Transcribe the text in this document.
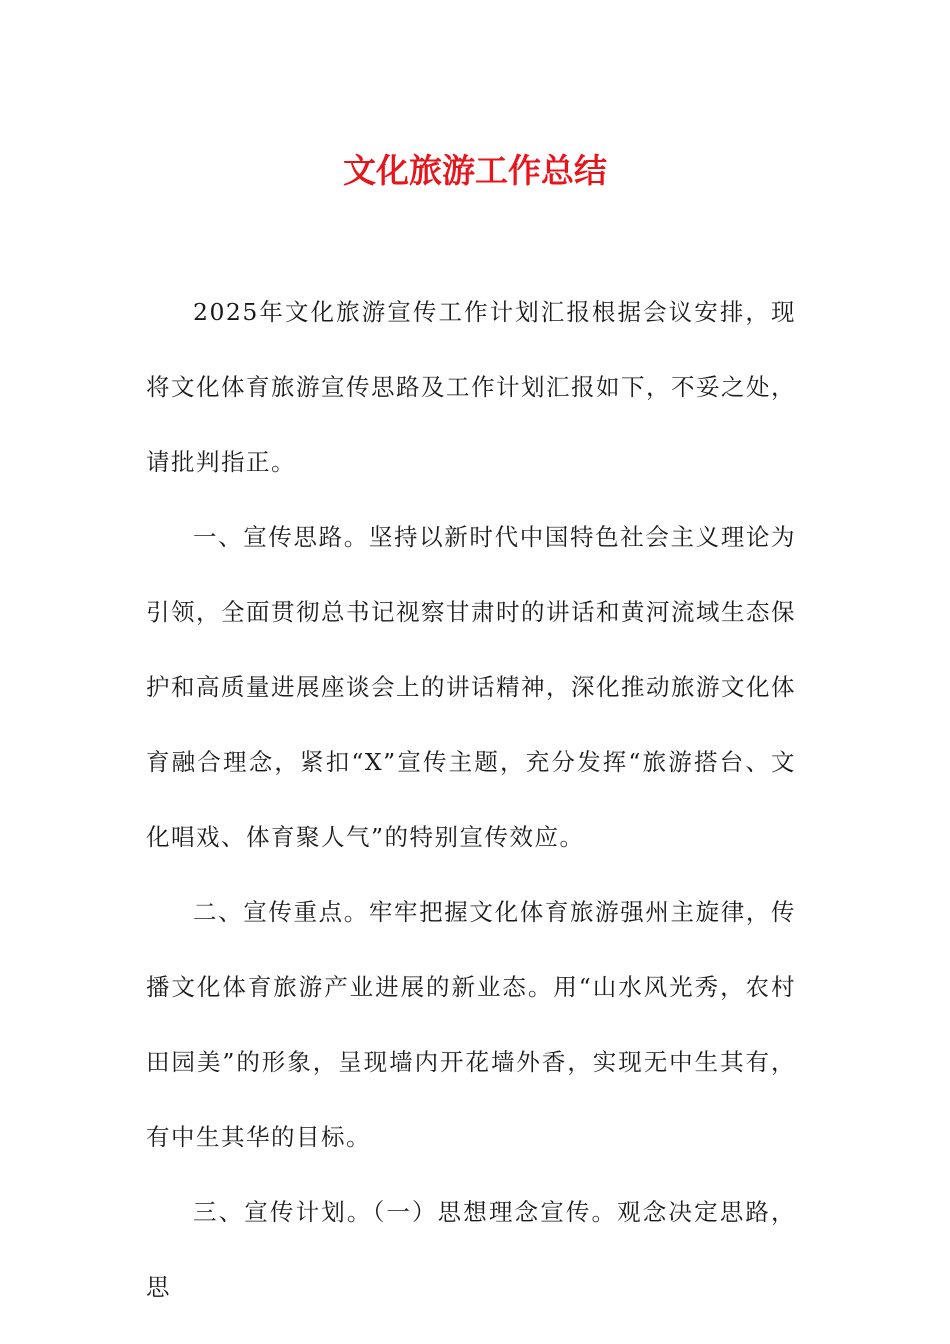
文化旅游工作总结

2025年文化旅游宣传工作计划汇报根据会议安排，现将文化体育旅游宣传思路及工作计划汇报如下，不妥之处，请批判指正。

一、宣传思路。坚持以新时代中国特色社会主义理论为引领，全面贯彻总书记视察甘肃时的讲话和黄河流域生态保护和高质量进展座谈会上的讲话精神，深化推动旅游文化体育融合理念，紧扣“X”宣传主题，充分发挥“旅游搭台、文化唱戏、体育聚人气”的特别宣传效应。

二、宣传重点。牢牢把握文化体育旅游强州主旋律，传播文化体育旅游产业进展的新业态。用“山水风光秀，农村田园美”的形象，呈现墙内开花墙外香，实现无中生其有，有中生其华的目标。

三、宣传计划。（一）思想理念宣传。观念决定思路，思
